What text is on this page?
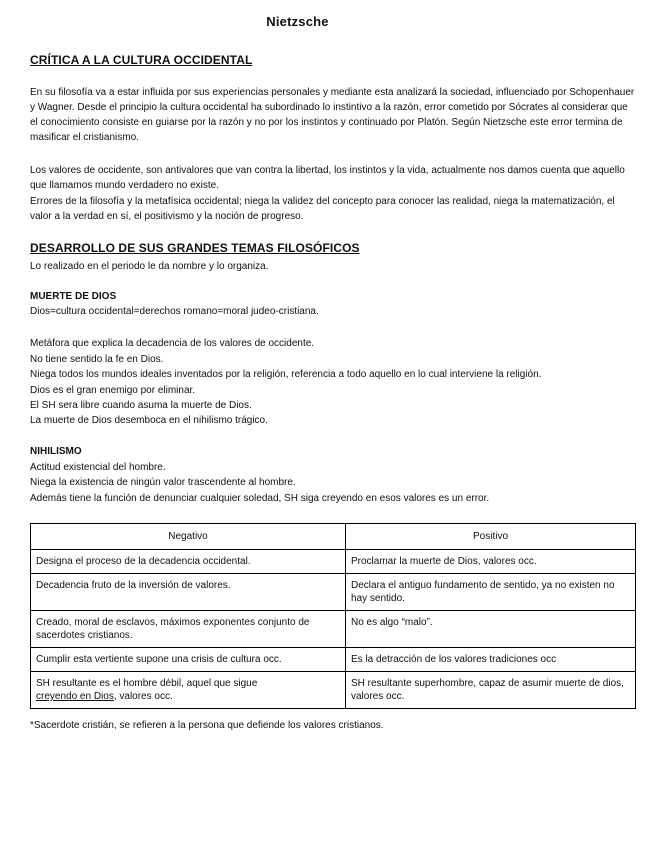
Nietzsche
CRÍTICA A LA CULTURA OCCIDENTAL

En su filosofía va a estar influida por sus experiencias personales y mediante esta analizará la sociedad, influenciado por Schopenhauer y Wagner. Desde el principio la cultura occidental ha subordinado lo instintivo a la razón, error cometido por Sócrates al considerar que el conocimiento consiste en guiarse por la razón y no por los instintos y continuado por Platón. Según Nietzsche este error termina de masificar el cristianismo.

Los valores de occidente, son antivalores que van contra la libertad, los instintos y la vida, actualmente nos damos cuenta que aquello que llamamos mundo verdadero no existe.

Errores de la filosofía y la metafísica occidental; niega la validez del concepto para conocer las realidad, niega la matematización, el valor a la verdad en sí, el positivismo y la noción de progreso.

DESARROLLO DE SUS GRANDES TEMAS FILOSÓFICOS

Lo realizado en el periodo le da nombre y lo organiza.

MUERTE DE DIOS

Dios=cultura occidental=derechos romano=moral judeo-cristiana.

Metáfora que explica la decadencia de los valores de occidente.

No tiene sentido la fe en Dios.

Niega todos los mundos ideales inventados por la religión, referencia a todo aquello en lo cual interviene la religión.

Dios es el gran enemigo por eliminar.

El SH sera libre cuando asuma la muerte de Dios.

La muerte de Dios desemboca en el nihilismo trágico.

NIHILISMO

Actitud existencial del hombre.

Niega la existencia de ningún valor trascendente al hombre.

Además tiene la función de denunciar cualquier soledad, SH siga creyendo en esos valores es un error.

Negativo	Positivo
Designa el proceso de la decadencia occidental.	Proclamar la muerte de Dios, valores occ.
Decadencia fruto de la inversión de valores.	Declara el antiguo fundamento de sentido, ya no existen no hay sentido.
Creado, moral de esclavos, máximos exponentes conjunto de sacerdotes cristianos.	No es algo “malo”.
Cumplir esta vertiente supone una crisis de cultura occ.	Es la detracción de los valores tradiciones occ
SH resultante es el hombre débil, aquel que sigue
creyendo en Dios, valores occ.	SH resultante superhombre, capaz de asumir muerte de dios, valores occ.
*Sacerdote cristián, se refieren a la persona que defiende los valores cristianos.
